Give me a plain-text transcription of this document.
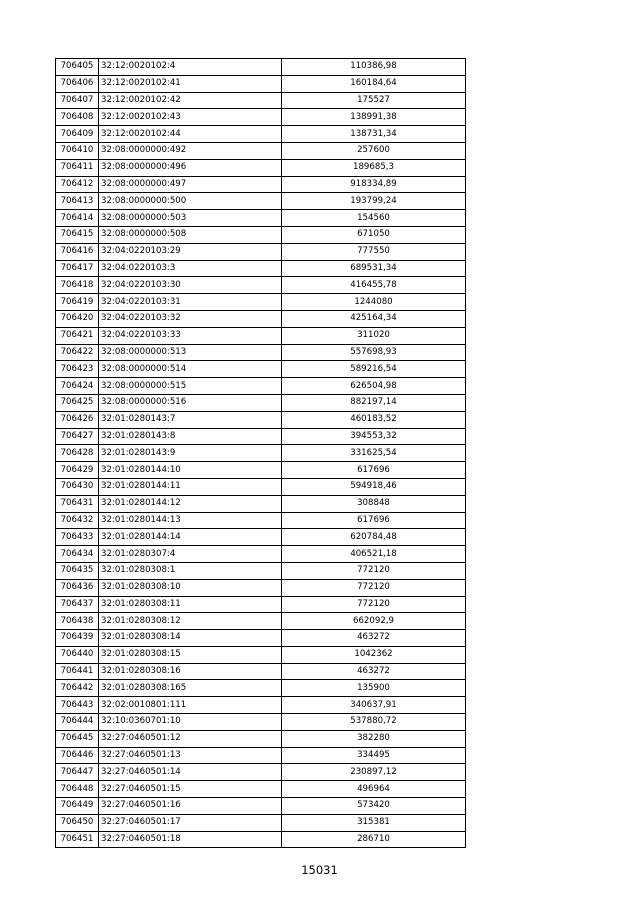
706405	32:12:0020102:4	110386,98
706406	32:12:0020102:41	160184,64
706407	32:12:0020102:42	175527
706408	32:12:0020102:43	138991,38
706409	32:12:0020102:44	138731,34
706410	32:08:0000000:492	257600
706411	32:08:0000000:496	189685,3
706412	32:08:0000000:497	918334,89
706413	32:08:0000000:500	193799,24
706414	32:08:0000000:503	154560
706415	32:08:0000000:508	671050
706416	32:04:0220103:29	777550
706417	32:04:0220103:3	689531,34
706418	32:04:0220103:30	416455,78
706419	32:04:0220103:31	1244080
706420	32:04:0220103:32	425164,34
706421	32:04:0220103:33	311020
706422	32:08:0000000:513	557698,93
706423	32:08:0000000:514	589216,54
706424	32:08:0000000:515	626504,98
706425	32:08:0000000:516	882197,14
706426	32:01:0280143:7	460183,52
706427	32:01:0280143:8	394553,32
706428	32:01:0280143:9	331625,54
706429	32:01:0280144:10	617696
706430	32:01:0280144:11	594918,46
706431	32:01:0280144:12	308848
706432	32:01:0280144:13	617696
706433	32:01:0280144:14	620784,48
706434	32:01:0280307:4	406521,18
706435	32:01:0280308:1	772120
706436	32:01:0280308:10	772120
706437	32:01:0280308:11	772120
706438	32:01:0280308:12	662092,9
706439	32:01:0280308:14	463272
706440	32:01:0280308:15	1042362
706441	32:01:0280308:16	463272
706442	32:01:0280308:165	135900
706443	32:02:0010801:111	340637,91
706444	32:10:0360701:10	537880,72
706445	32:27:0460501:12	382280
706446	32:27:0460501:13	334495
706447	32:27:0460501:14	230897,12
706448	32:27:0460501:15	496964
706449	32:27:0460501:16	573420
706450	32:27:0460501:17	315381
706451	32:27:0460501:18	286710
15031
